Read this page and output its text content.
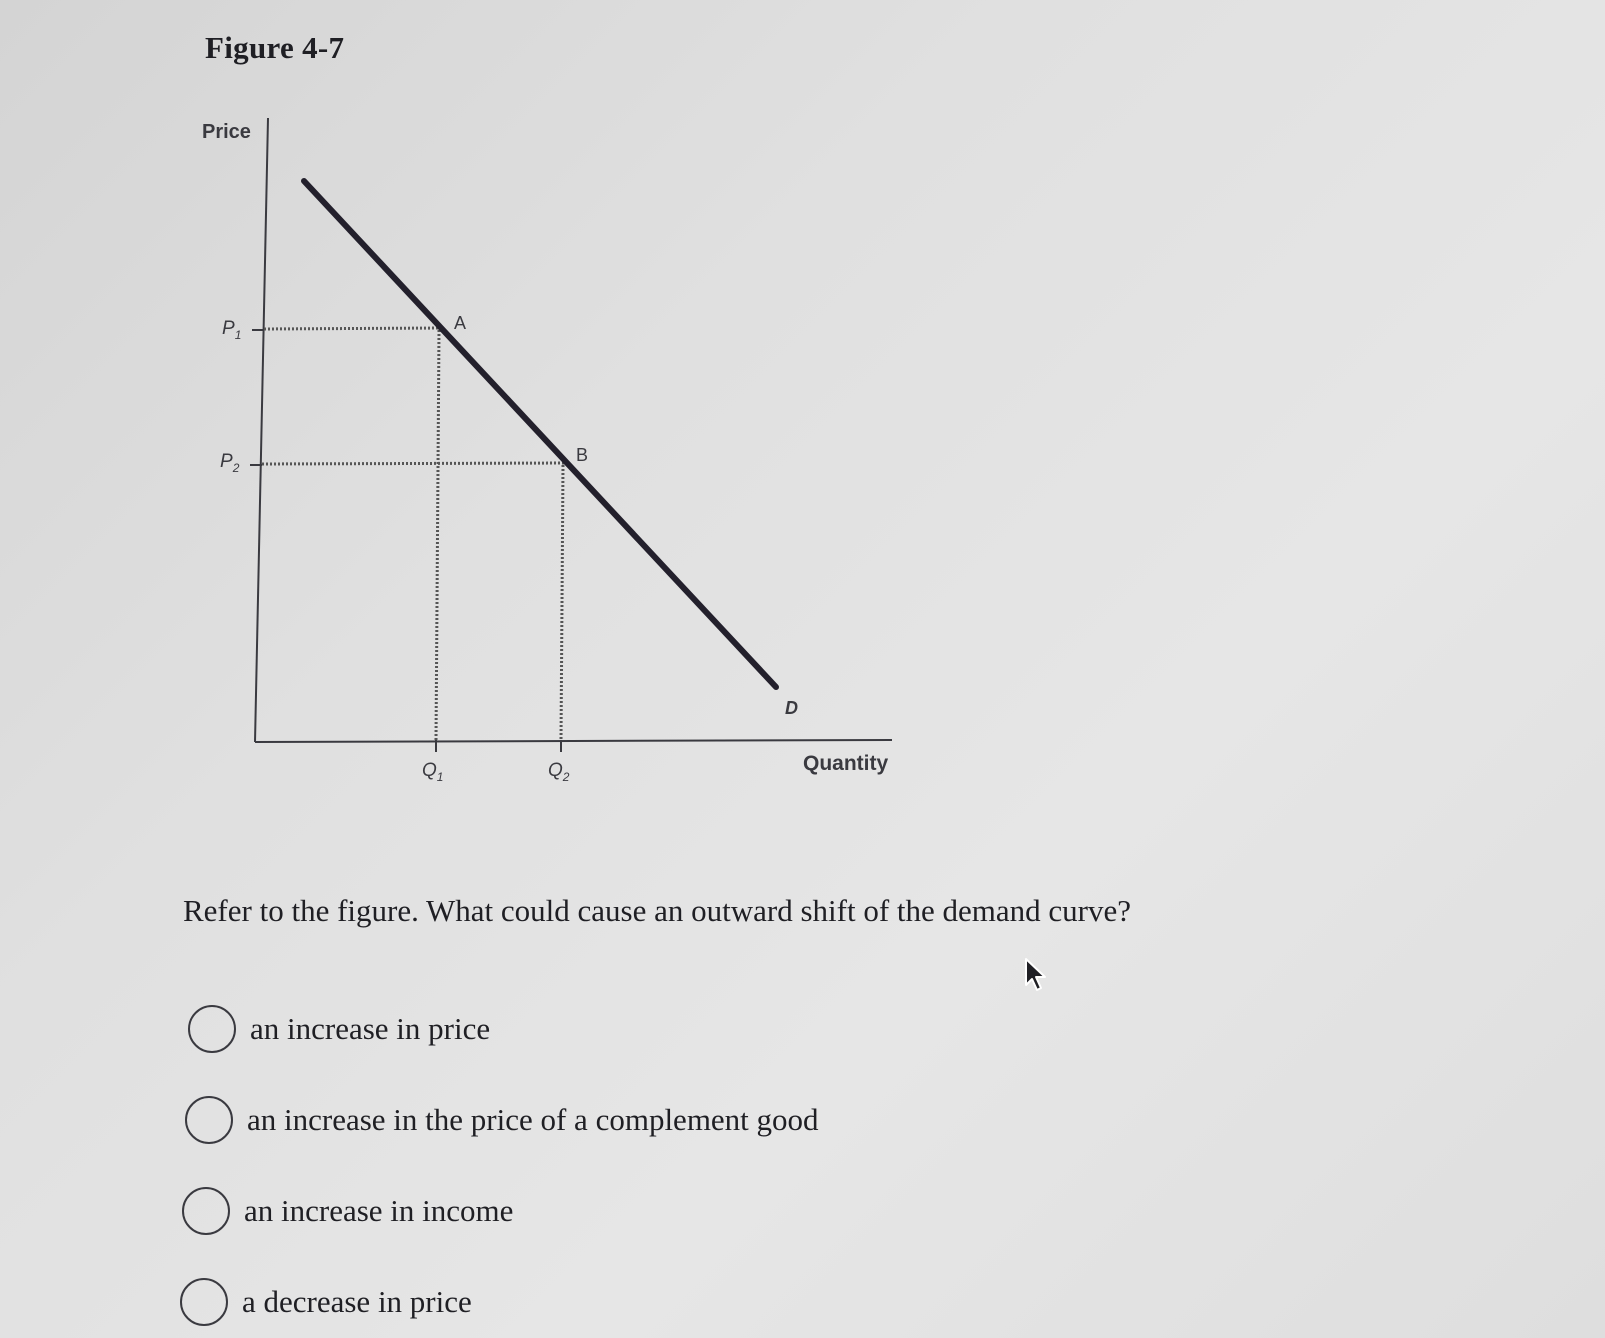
Figure 4-7
Price
$P_1$
$P_2$
$Q_1$	$Q_2$
Quantity
A
B
D
Refer to the figure. What could cause an outward shift of the demand curve?
an increase in price
an increase in the price of a complement good
an increase in income
a decrease in price
